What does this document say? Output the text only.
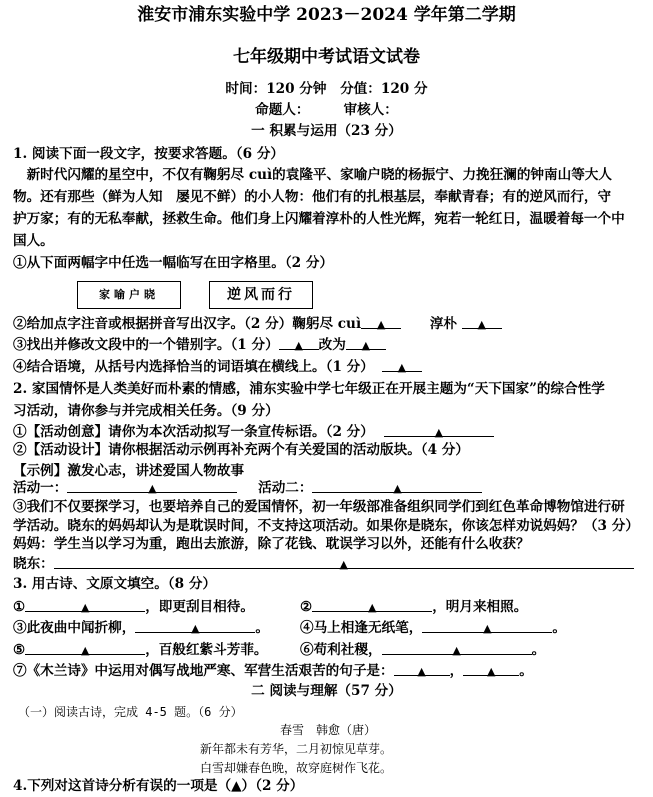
淮安市浦东实验中学 2023－2024 学年第二学期
七年级期中考试语文试卷
时间：120 分钟　分值：120 分
命题人：　　　审核人：
一 积累与运用（23 分）
1. 阅读下面一段文字，按要求答题。（6 分）
　新时代闪耀的星空中，不仅有鞠躬尽 cuì的袁隆平、家喻户晓的杨振宁、力挽狂澜的钟南山等大人
物。还有那些（鲜为人知　屡见不鲜）的小人物：他们有的扎根基层，奉献青春；有的逆风而行，守
护万家；有的无私奉献，拯救生命。他们身上闪耀着淳朴的人性光辉，宛若一轮红日，温暖着每一个中
国人。
①从下面两幅字中任选一幅临写在田字格里。（2 分）
家喻户晓	逆风而行
②给加点字注音或根据拼音写出汉字。（2 分）鞠躬尽 cuì ▲	淳朴 ▲
③找出并修改文段中的一个错别字。（1 分） ▲ 改为 ▲
④结合语境，从括号内选择恰当的词语填在横线上。（1 分） ▲
2. 家国情怀是人类美好而朴素的情感，浦东实验中学七年级正在开展主题为“天下国家”的综合性学
习活动，请你参与并完成相关任务。（9 分）
①【活动创意】请你为本次活动拟写一条宣传标语。（2 分）	▲
②【活动设计】请你根据活动示例再补充两个有关爱国的活动版块。（4 分）
【示例】激发心志，讲述爱国人物故事
活动一：	▲	活动二：	▲
③我们不仅要探学习，也要培养自己的爱国情怀，初一年级部准备组织同学们到红色革命博物馆进行研
学活动。晓东的妈妈却认为是耽误时间，不支持这项活动。如果你是晓东，你该怎样劝说妈妈？（3 分）
妈妈：学生当以学习为重，跑出去旅游，除了花钱、耽误学习以外，还能有什么收获？
晓东：	▲
3. 用古诗、文原文填空。（8 分）
①	▲	，即更刮目相待。	②	▲	，明月来相照。
③此夜曲中闻折柳，	▲	。 ④马上相逢无纸笔，	▲	。
⑤	▲	，百般红紫斗芳菲。 ⑥苟利社稷，	▲	。
⑦《木兰诗》中运用对偶写战地严寒、军营生活艰苦的句子是： ▲ ， ▲ 。
二 阅读与理解（57 分）
（一）阅读古诗，完成 4-5 题。（6 分）
春雪　韩愈（唐）
新年都未有芳华，二月初惊见草芽。
白雪却嫌春色晚，故穿庭树作飞花。
4.下列对这首诗分析有误的一项是（▲）（2 分）
